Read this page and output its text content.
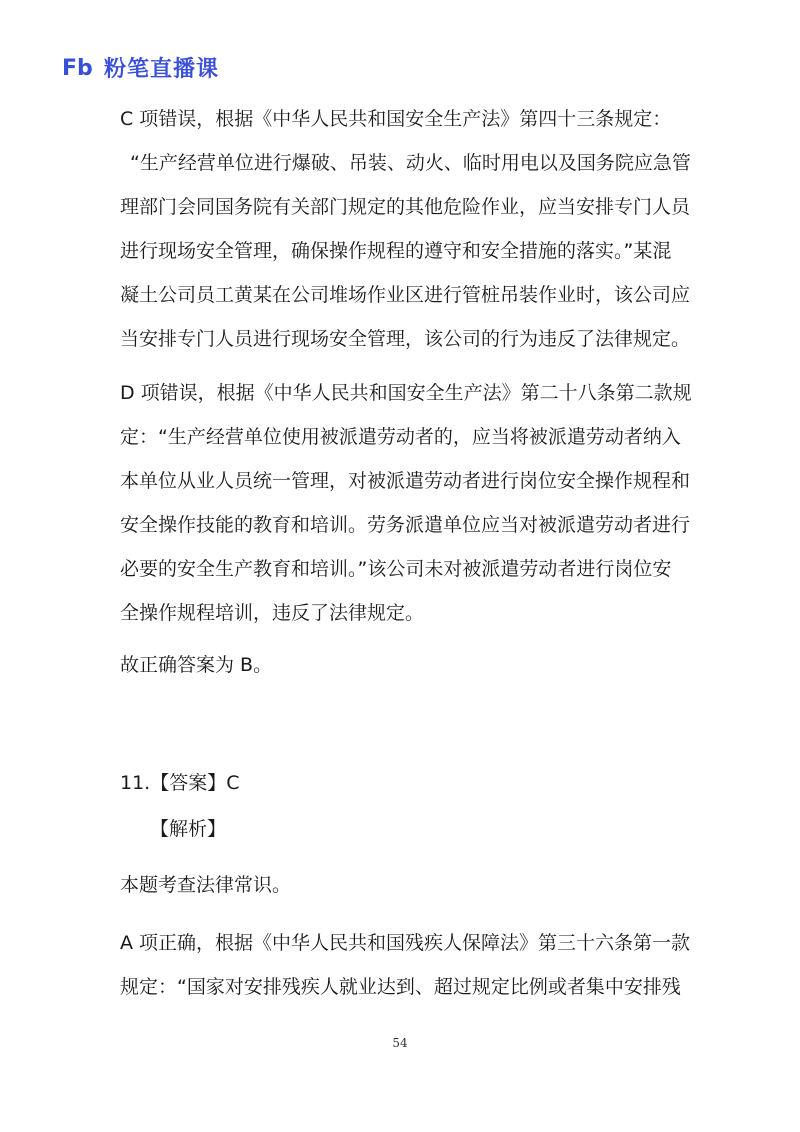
Fb 粉笔直播课
C 项错误，根据《中华人民共和国安全生产法》第四十三条规定：
“生产经营单位进行爆破、吊装、动火、临时用电以及国务院应急管
理部门会同国务院有关部门规定的其他危险作业，应当安排专门人员
进行现场安全管理，确保操作规程的遵守和安全措施的落实。”某混
凝土公司员工黄某在公司堆场作业区进行管桩吊装作业时，该公司应
当安排专门人员进行现场安全管理，该公司的行为违反了法律规定。
D 项错误，根据《中华人民共和国安全生产法》第二十八条第二款规
定：“生产经营单位使用被派遣劳动者的，应当将被派遣劳动者纳入
本单位从业人员统一管理，对被派遣劳动者进行岗位安全操作规程和
安全操作技能的教育和培训。劳务派遣单位应当对被派遣劳动者进行
必要的安全生产教育和培训。”该公司未对被派遣劳动者进行岗位安
全操作规程培训，违反了法律规定。
故正确答案为 B。
11.【答案】C
【解析】
本题考查法律常识。
A 项正确，根据《中华人民共和国残疾人保障法》第三十六条第一款
规定：“国家对安排残疾人就业达到、超过规定比例或者集中安排残
54
